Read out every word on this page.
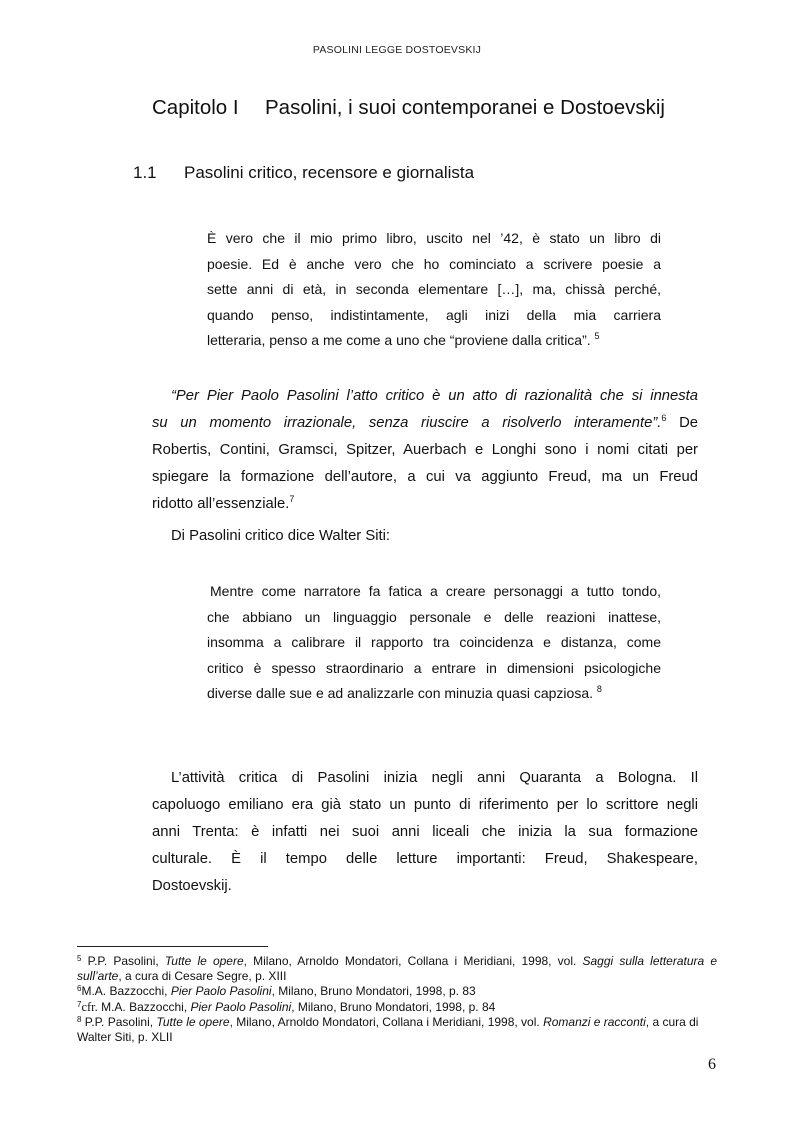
PASOLINI LEGGE DOSTOEVSKIJ
Capitolo I Pasolini, i suoi contemporanei e Dostoevskij
1.1 Pasolini critico, recensore e giornalista
È vero che il mio primo libro, uscito nel ’42, è stato un libro di
poesie. Ed è anche vero che ho cominciato a scrivere poesie a
sette anni di età, in seconda elementare […], ma, chissà perché,
quando penso, indistintamente, agli inizi della mia carriera
letteraria, penso a me come a uno che “proviene dalla critica”. $^5$
“Per Pier Paolo Pasolini l’atto critico è un atto di razionalità che si innesta
su un momento irrazionale, senza riuscire a risolverlo interamente”.$^6$ De
Robertis, Contini, Gramsci, Spitzer, Auerbach e Longhi sono i nomi citati per
spiegare la formazione dell’autore, a cui va aggiunto Freud, ma un Freud
ridotto all’essenziale.$^7$
Di Pasolini critico dice Walter Siti:
Mentre come narratore fa fatica a creare personaggi a tutto tondo,
che abbiano un linguaggio personale e delle reazioni inattese,
insomma a calibrare il rapporto tra coincidenza e distanza, come
critico è spesso straordinario a entrare in dimensioni psicologiche
diverse dalle sue e ad analizzarle con minuzia quasi capziosa. $^8$
L’attività critica di Pasolini inizia negli anni Quaranta a Bologna. Il
capoluogo emiliano era già stato un punto di riferimento per lo scrittore negli
anni Trenta: è infatti nei suoi anni liceali che inizia la sua formazione
culturale. È il tempo delle letture importanti: Freud, Shakespeare,
Dostoevskij.

$^5$ P.P. Pasolini, Tutte le opere, Milano, Arnoldo Mondatori, Collana i Meridiani, 1998, vol. Saggi sulla letteratura e sull’arte, a cura di Cesare Segre, p. XIII

$^6$M.A. Bazzocchi, Pier Paolo Pasolini, Milano, Bruno Mondatori, 1998, p. 83

$^7$cfr. M.A. Bazzocchi, Pier Paolo Pasolini, Milano, Bruno Mondatori, 1998, p. 84

$^8$ P.P. Pasolini, Tutte le opere, Milano, Arnoldo Mondatori, Collana i Meridiani, 1998, vol. Romanzi e racconti, a cura di Walter Siti, p. XLII

6
